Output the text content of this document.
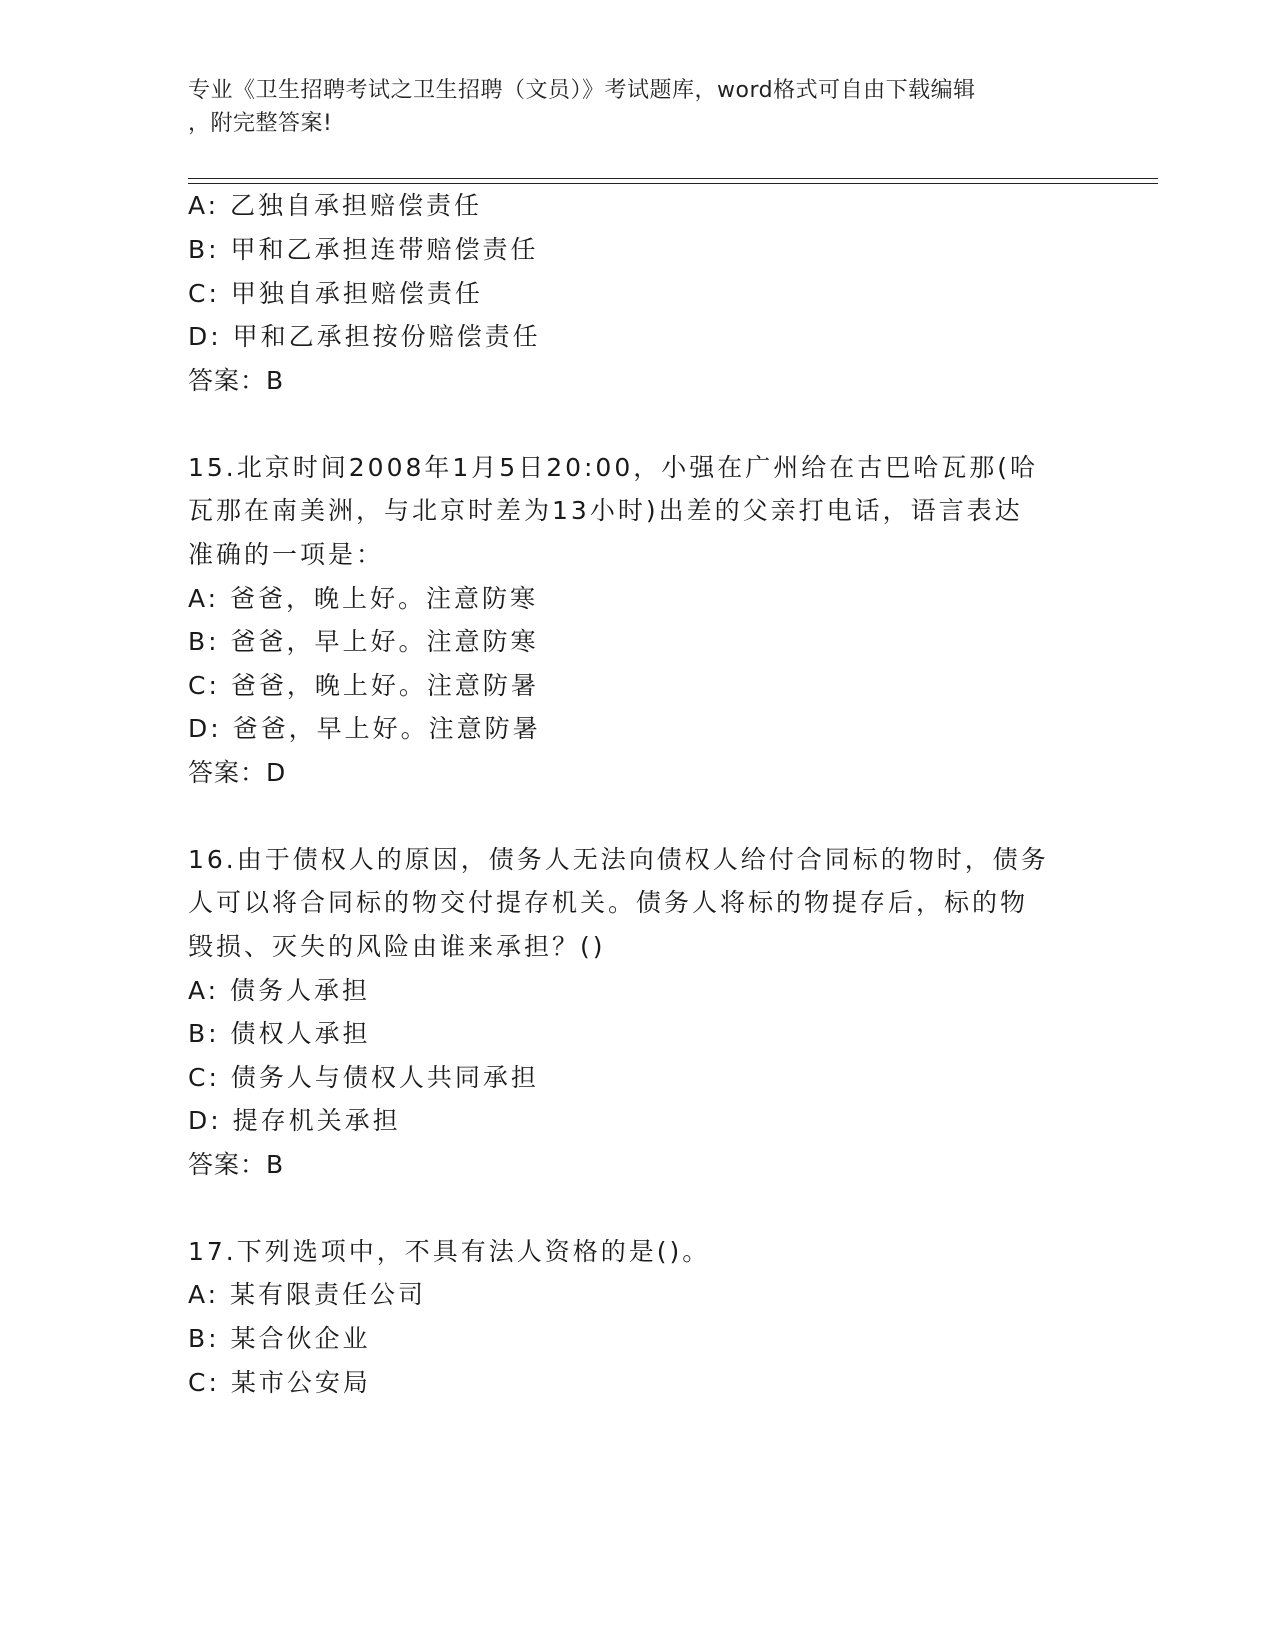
专业《卫生招聘考试之卫生招聘（文员）》考试题库，word格式可自由下载编辑
，附完整答案!
A: 乙独自承担赔偿责任
B: 甲和乙承担连带赔偿责任
C: 甲独自承担赔偿责任
D: 甲和乙承担按份赔偿责任
答案：B
15.北京时间2008年1月5日20:00，小强在广州给在古巴哈瓦那(哈
瓦那在南美洲，与北京时差为13小时)出差的父亲打电话，语言表达
准确的一项是：
A: 爸爸，晚上好。注意防寒
B: 爸爸，早上好。注意防寒
C: 爸爸，晚上好。注意防暑
D: 爸爸，早上好。注意防暑
答案：D
16.由于债权人的原因，债务人无法向债权人给付合同标的物时，债务
人可以将合同标的物交付提存机关。债务人将标的物提存后，标的物
毁损、灭失的风险由谁来承担？()
A: 债务人承担
B: 债权人承担
C: 债务人与债权人共同承担
D: 提存机关承担
答案：B
17.下列选项中，不具有法人资格的是()。
A: 某有限责任公司
B: 某合伙企业
C: 某市公安局
